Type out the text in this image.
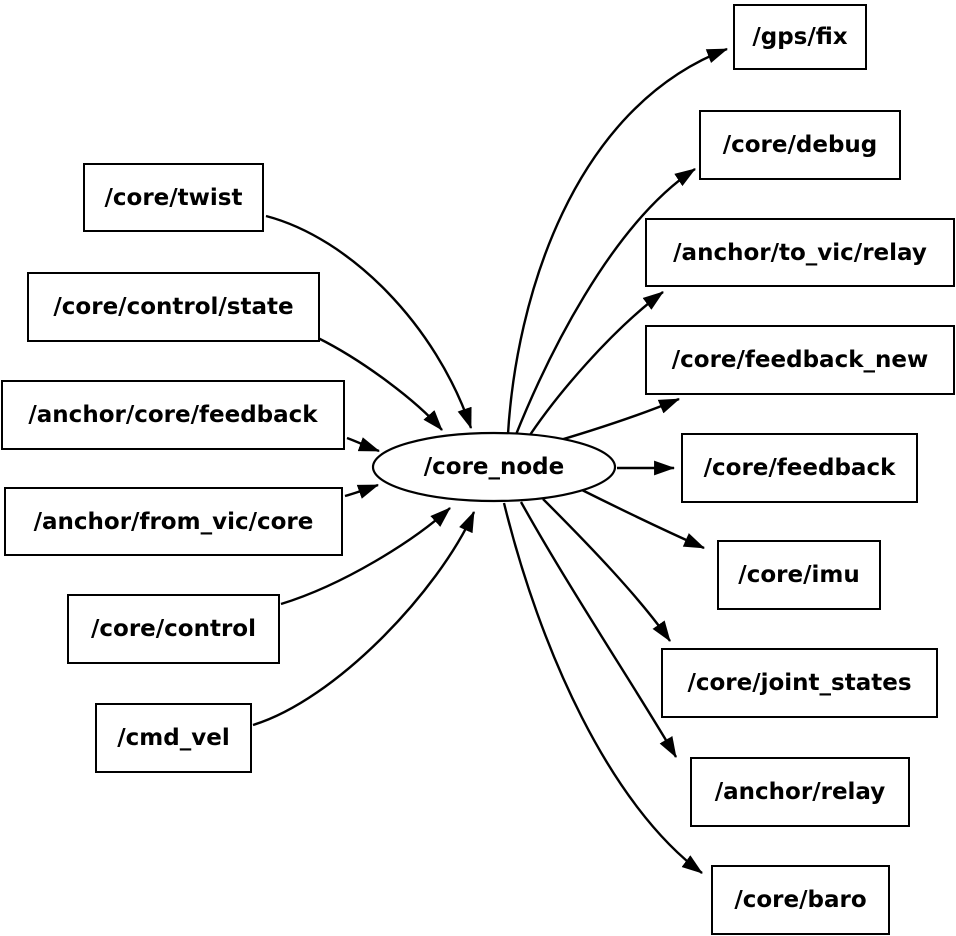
/core_node
/core/twist
/core/control/state
/anchor/core/feedback
/anchor/from_vic/core
/core/control
/cmd_vel
/gps/fix
/core/debug
/anchor/to_vic/relay
/core/feedback_new
/core/feedback
/core/imu
/core/joint_states
/anchor/relay
/core/baro
